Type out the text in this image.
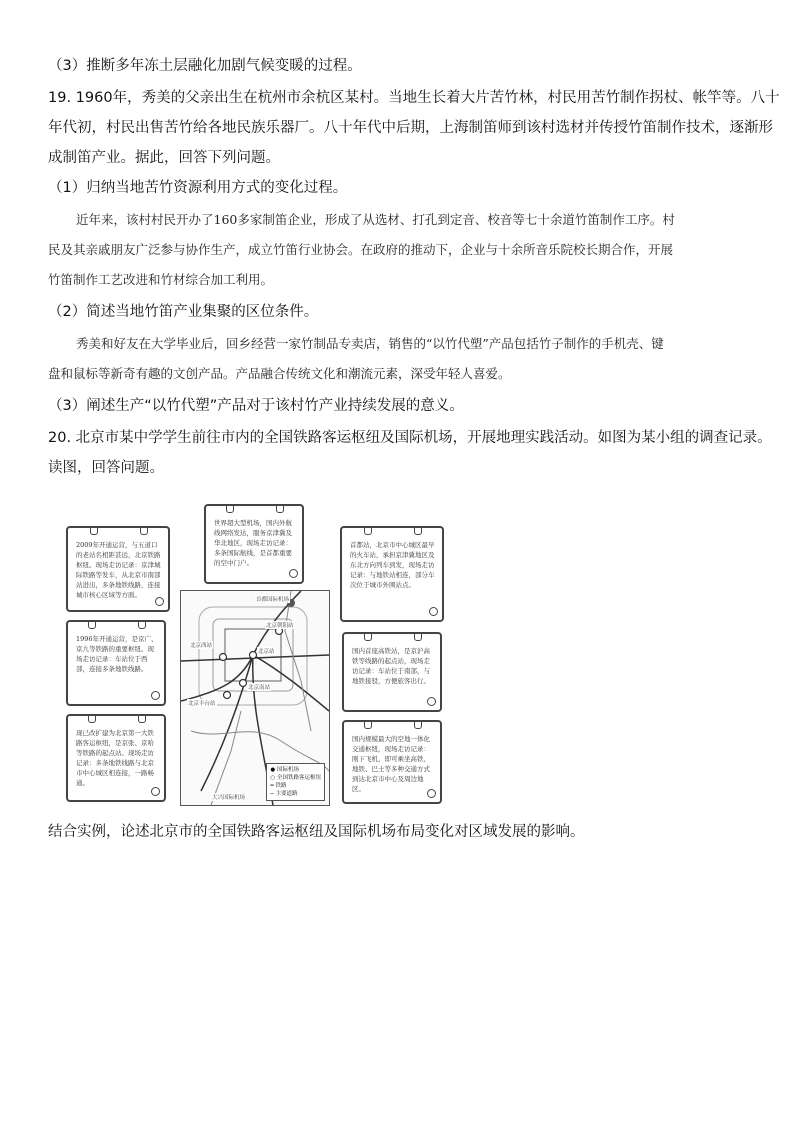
（3）推断多年冻土层融化加剧气候变暖的过程。
19. 1960年，秀美的父亲出生在杭州市余杭区某村。当地生长着大片苦竹林，村民用苦竹制作拐杖、帐竿等。八十
年代初，村民出售苦竹给各地民族乐器厂。八十年代中后期，上海制笛师到该村选材并传授竹笛制作技术，逐渐形
成制笛产业。据此，回答下列问题。
（1）归纳当地苦竹资源利用方式的变化过程。
近年来，该村村民开办了160多家制笛企业，形成了从选材、打孔到定音、校音等七十余道竹笛制作工序。村
民及其亲戚朋友广泛参与协作生产，成立竹笛行业协会。在政府的推动下，企业与十余所音乐院校长期合作，开展
竹笛制作工艺改进和竹材综合加工利用。
（2）简述当地竹笛产业集聚的区位条件。
秀美和好友在大学毕业后，回乡经营一家竹制品专卖店，销售的“以竹代塑”产品包括竹子制作的手机壳、键
盘和鼠标等新奇有趣的文创产品。产品融合传统文化和潮流元素，深受年轻人喜爱。
（3）阐述生产“以竹代塑”产品对于该村竹产业持续发展的意义。
20. 北京市某中学学生前往市内的全国铁路客运枢纽及国际机场，开展地理实践活动。如图为某小组的调查记录。
读图，回答问题。
2009年开通运营，与五道口的老站名相距甚远，北京铁路枢纽。现场走访记录：京津城际铁路等发车，从北京市南部站进出，多条地铁线路，连接城市核心区域等方面。
世界超大型机场，国内外航线网络发达，服务京津冀及华北地区，现场走访记录：多条国际航线，是首都重要的空中门户。
首都站，北京市中心城区最早的火车站，承担京津冀地区及东北方向列车到发，现场走访记录：与地铁站相连，部分车次位于城市外围站点。
1996年开通运营，是京广、京九等铁路的重要枢纽。现场走访记录：车站位于西部，连接多条地铁线路。
国内首座高铁站，是京沪高铁等线路的起点站，现场走访记录：车站位于南部，与地铁接驳，方便旅客出行。
现已改扩建为北京第一大铁路客运枢纽，是京张、京哈等铁路的起点站。现场走访记录：多条地铁线路与北京市中心城区相连接，一路畅通。
国内规模最大的空地一体化交通枢纽，现场走访记录：刚下飞机，即可乘坐高铁、地铁、巴士等多种交通方式到达北京市中心及周边地区。
首都国际机场
北京朝阳站
北京站
北京西站
北京南站
北京丰台站
大兴国际机场
● 国际机场
○ 全国铁路客运枢纽
━ 铁路
─ 主要道路
结合实例，论述北京市的全国铁路客运枢纽及国际机场布局变化对区域发展的影响。
